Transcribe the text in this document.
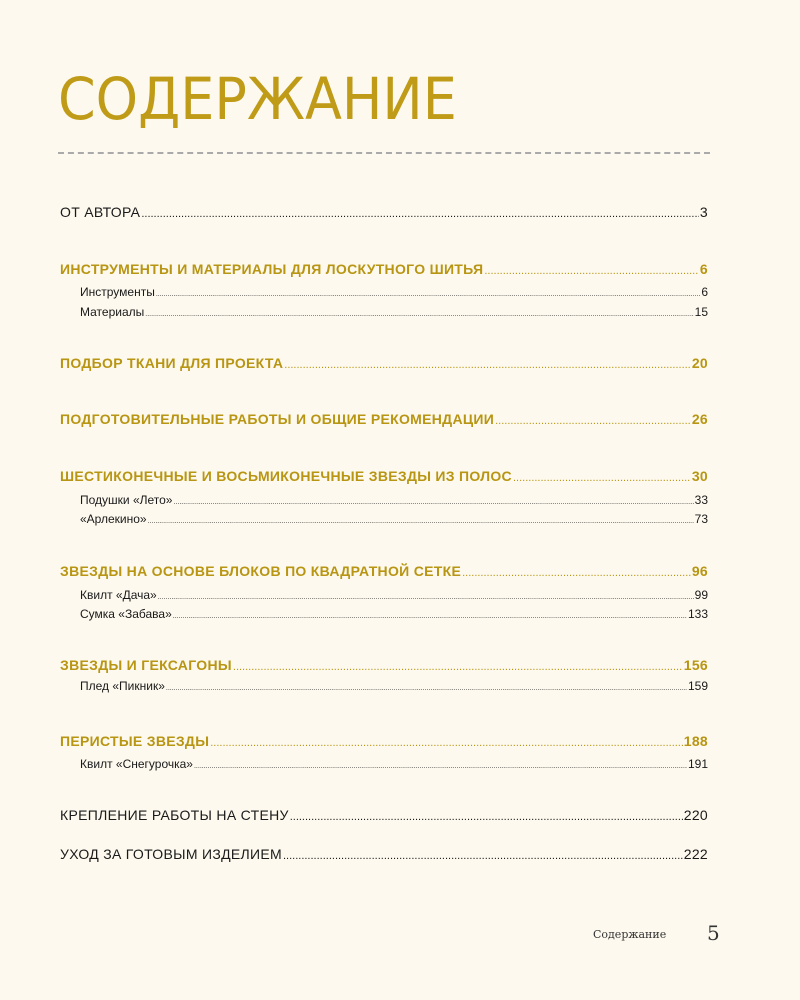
СОДЕРЖАНИЕ
ОТ АВТОРА .....	3
ИНСТРУМЕНТЫ И МАТЕРИАЛЫ ДЛЯ ЛОСКУТНОГО ШИТЬЯ .....	6
Инструменты .....	6
Материалы .....	15
ПОДБОР ТКАНИ ДЛЯ ПРОЕКТА .....	20
ПОДГОТОВИТЕЛЬНЫЕ РАБОТЫ И ОБЩИЕ РЕКОМЕНДАЦИИ .....	26
ШЕСТИКОНЕЧНЫЕ И ВОСЬМИКОНЕЧНЫЕ ЗВЕЗДЫ ИЗ ПОЛОС .....	30
Подушки «Лето» .....	33
«Арлекино» .....	73
ЗВЕЗДЫ НА ОСНОВЕ БЛОКОВ ПО КВАДРАТНОЙ СЕТКЕ .....	96
Квилт «Дача» .....	99
Сумка «Забава» .....	133
ЗВЕЗДЫ И ГЕКСАГОНЫ .....	156
Плед «Пикник» .....	159
ПЕРИСТЫЕ ЗВЕЗДЫ .....	188
Квилт «Снегурочка» .....	191
КРЕПЛЕНИЕ РАБОТЫ НА СТЕНУ .....	220
УХОД ЗА ГОТОВЫМ ИЗДЕЛИЕМ .....	222
Содержание 5
